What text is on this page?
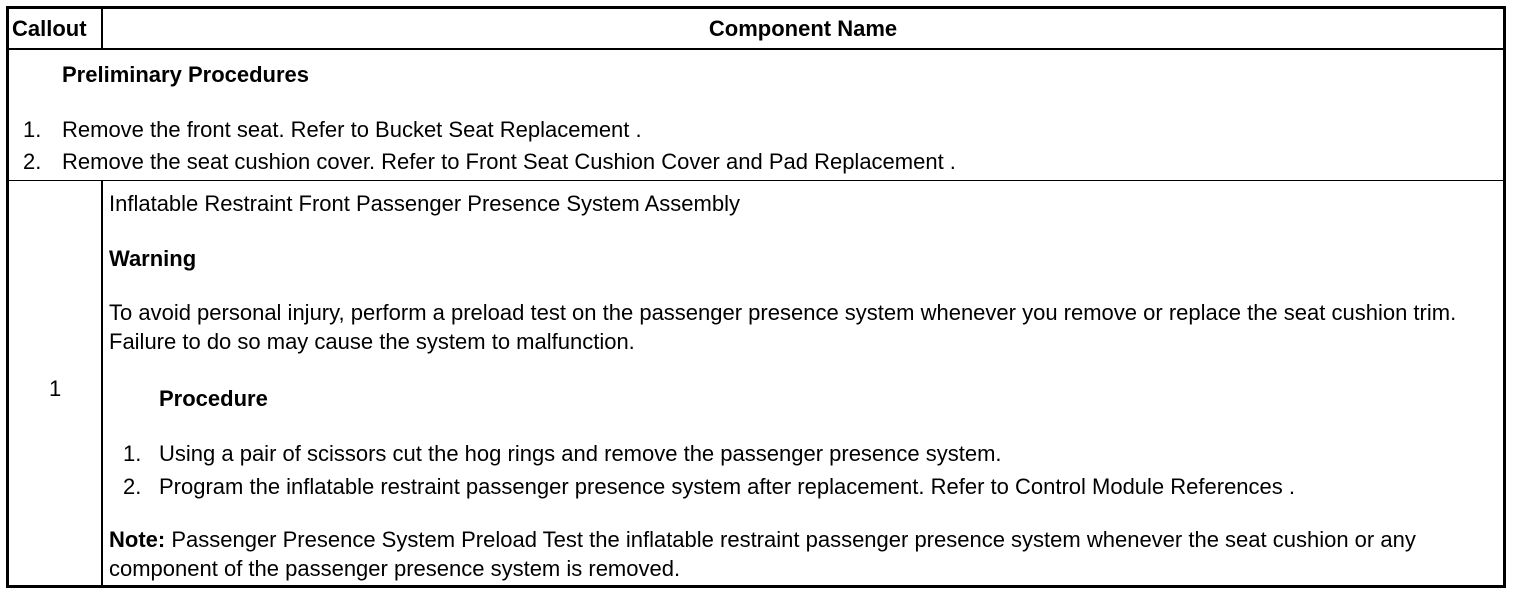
Callout	Component Name
Preliminary Procedures
1. Remove the front seat. Refer to Bucket Seat Replacement .
2. Remove the seat cushion cover. Refer to Front Seat Cushion Cover and Pad Replacement .
1
Inflatable Restraint Front Passenger Presence System Assembly
Warning
To avoid personal injury, perform a preload test on the passenger presence system whenever you remove or replace the seat cushion trim. Failure to do so may cause the system to malfunction.
Procedure
1. Using a pair of scissors cut the hog rings and remove the passenger presence system.
2. Program the inflatable restraint passenger presence system after replacement. Refer to Control Module References .
Note: Passenger Presence System Preload Test the inflatable restraint passenger presence system whenever the seat cushion or any component of the passenger presence system is removed.
